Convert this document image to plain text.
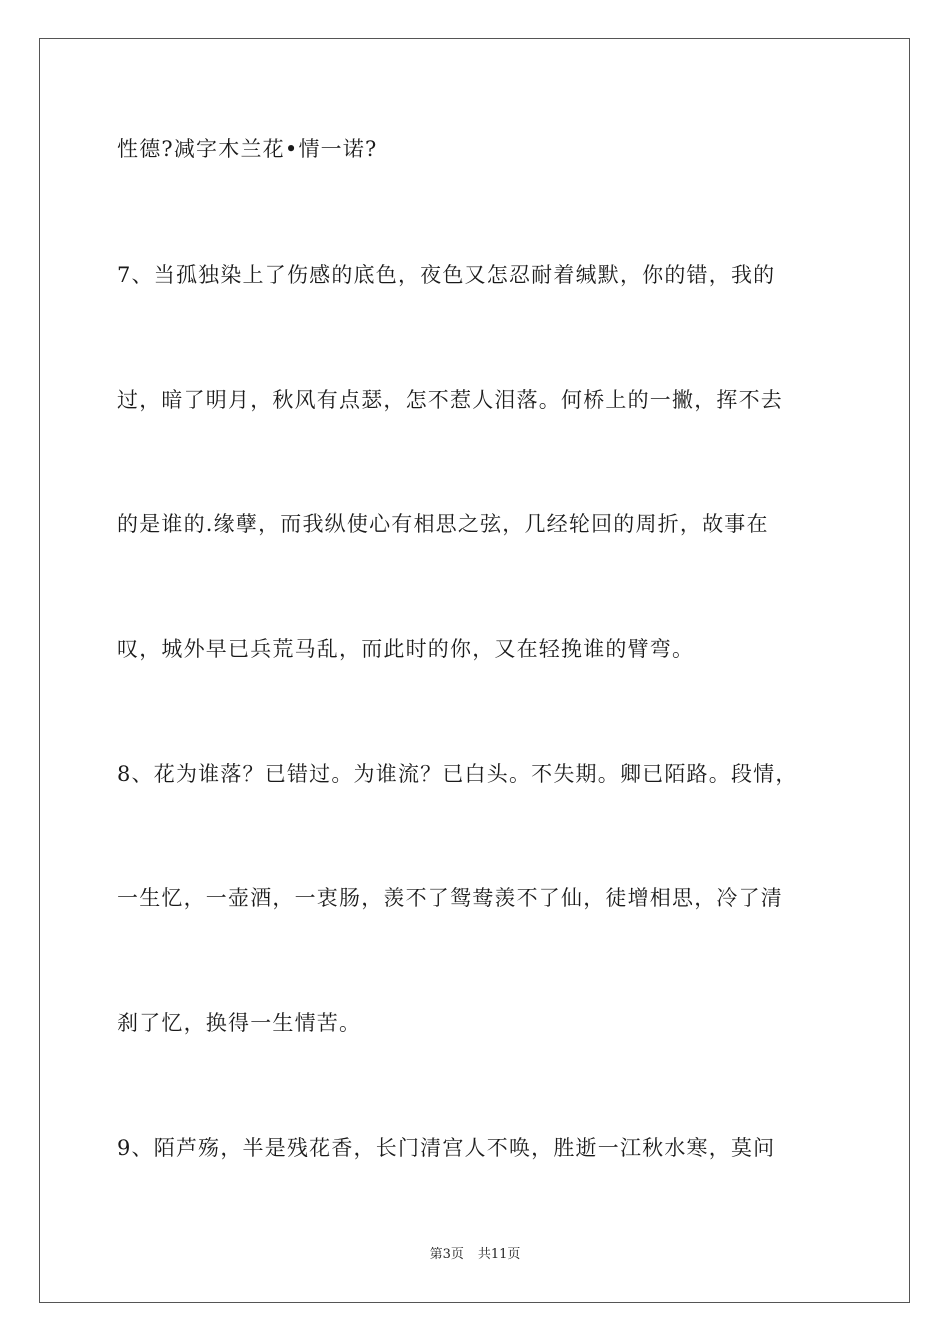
性德?减字木兰花•情一诺?
7、当孤独染上了伤感的底色，夜色又怎忍耐着缄默，你的错，我的
过，暗了明月，秋风有点瑟，怎不惹人泪落。何桥上的一撇，挥不去
的是谁的.缘孽，而我纵使心有相思之弦，几经轮回的周折，故事在
叹，城外早已兵荒马乱，而此时的你，又在轻挽谁的臂弯。
8、花为谁落？已错过。为谁流？已白头。不失期。卿已陌路。段情，
一生忆，一壶酒，一衷肠，羡不了鸳鸯羡不了仙，徒增相思，冷了清
刹了忆，换得一生情苦。
9、陌芦殇，半是残花香，长门清宫人不唤，胜逝一江秋水寒，莫问
第3页 共11页
